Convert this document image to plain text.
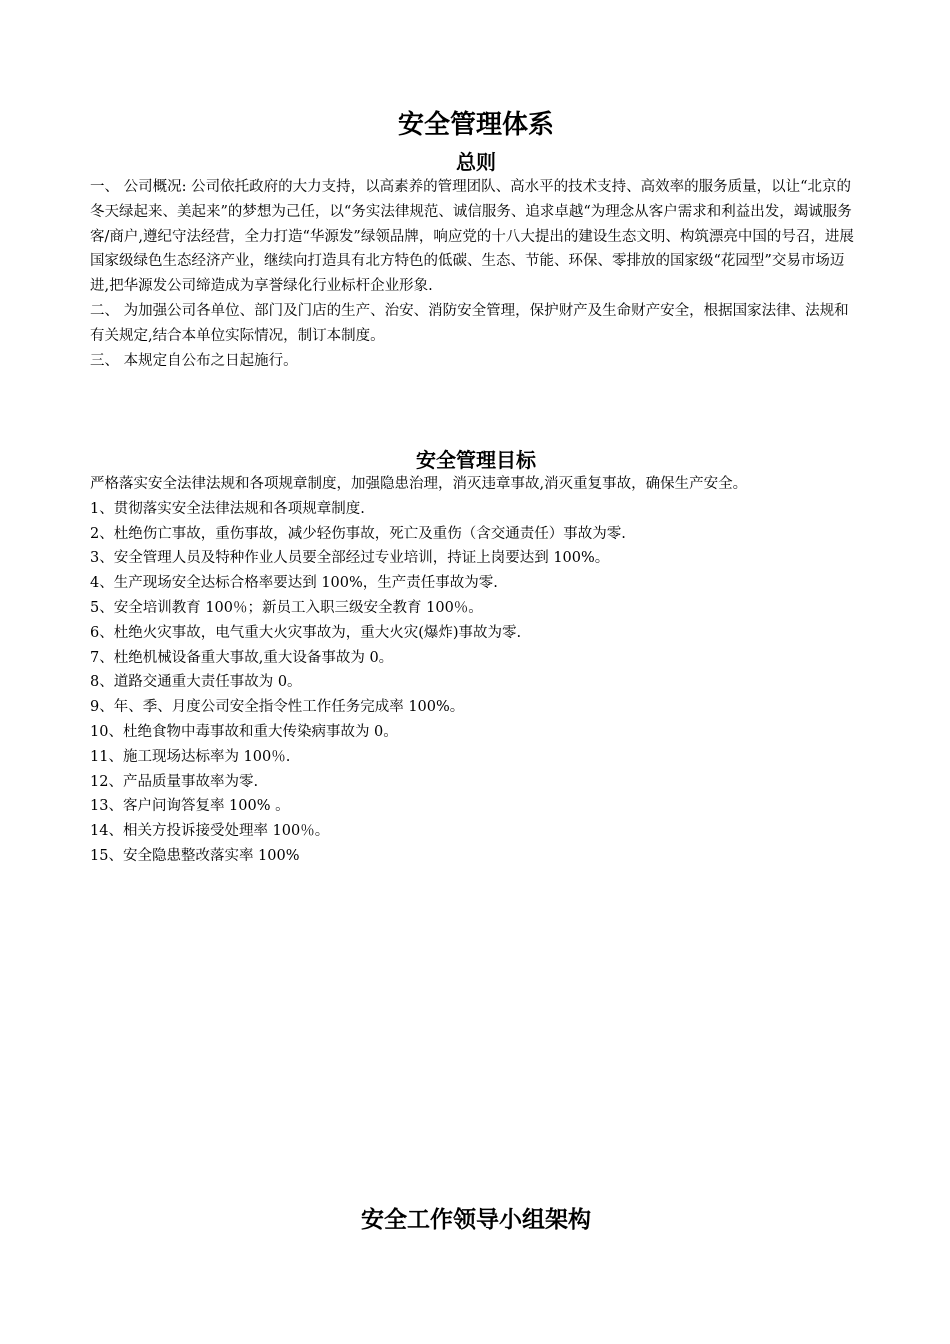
安全管理体系
总则

一、 公司概况: 公司依托政府的大力支持，以高素养的管理团队、高水平的技术支持、高效率的服务质量，以让“北京的冬天绿起来、美起来”的梦想为己任，以“务实法律规范、诚信服务、追求卓越“为理念从客户需求和利益出发，竭诚服务客/商户,遵纪守法经营，全力打造“华源发”绿领品牌，响应党的十八大提出的建设生态文明、构筑漂亮中国的号召，进展国家级绿色生态经济产业，继续向打造具有北方特色的低碳、生态、节能、环保、零排放的国家级“花园型”交易市场迈进,把华源发公司缔造成为享誉绿化行业标杆企业形象.

二、 为加强公司各单位、部门及门店的生产、治安、消防安全管理，保护财产及生命财产安全，根据国家法律、法规和有关规定,结合本单位实际情况，制订本制度。

三、 本规定自公布之日起施行。

安全管理目标

严格落实安全法律法规和各项规章制度，加强隐患治理，消灭违章事故,消灭重复事故，确保生产安全。

1、贯彻落实安全法律法规和各项规章制度.

2、杜绝伤亡事故，重伤事故，减少轻伤事故，死亡及重伤（含交通责任）事故为零.

3、安全管理人员及特种作业人员要全部经过专业培训，持证上岗要达到 100%。

4、生产现场安全达标合格率要达到 100%，生产责任事故为零.

5、安全培训教育 100％；新员工入职三级安全教育 100％。

6、杜绝火灾事故，电气重大火灾事故为，重大火灾(爆炸)事故为零.

7、杜绝机械设备重大事故,重大设备事故为 0。

8、道路交通重大责任事故为 0。

9、年、季、月度公司安全指令性工作任务完成率 100%。

10、杜绝食物中毒事故和重大传染病事故为 0。

11、施工现场达标率为 100％.

12、产品质量事故率为零.

13、客户问询答复率 100% 。

14、相关方投诉接受处理率 100％。

15、安全隐患整改落实率 100%

安全工作领导小组架构
